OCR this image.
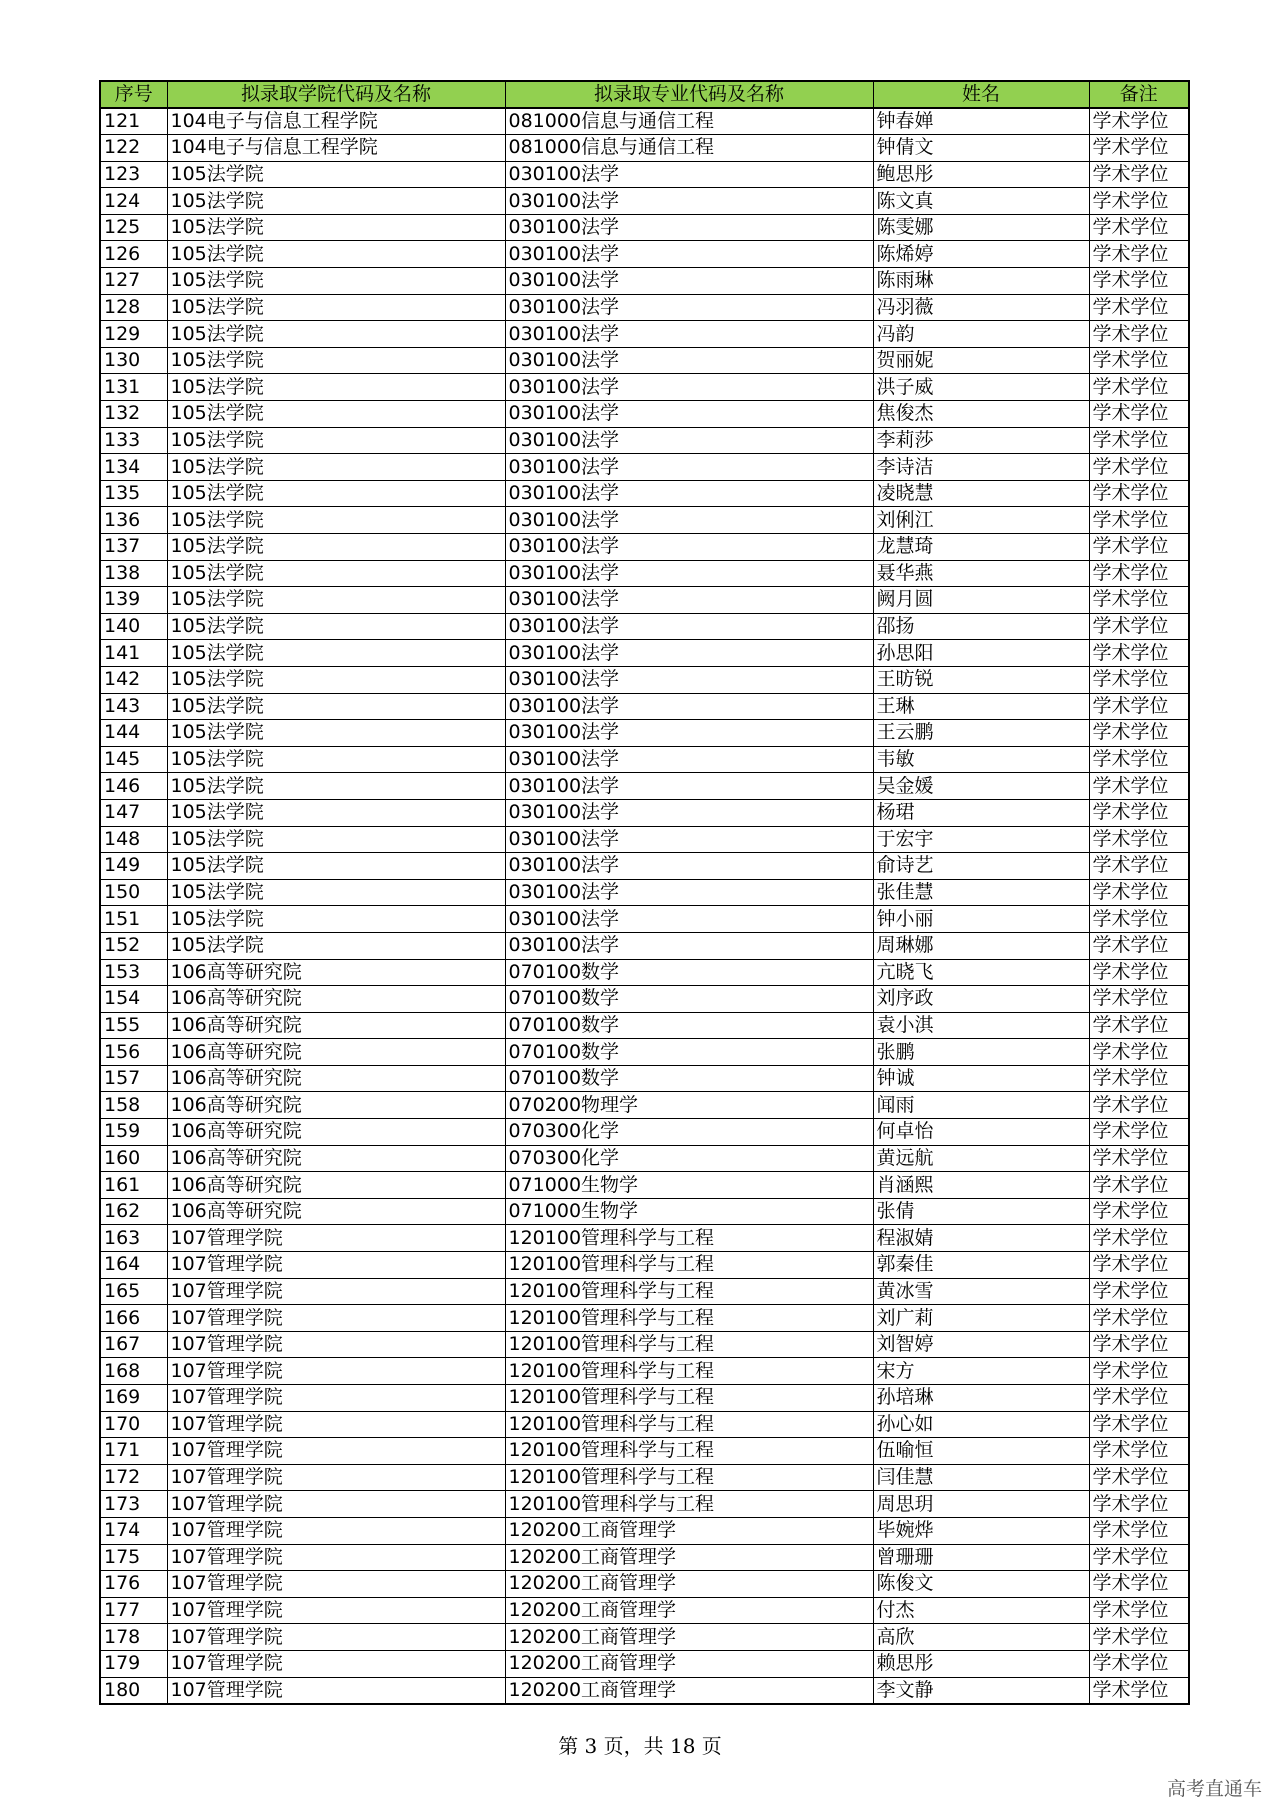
序号	拟录取学院代码及名称	拟录取专业代码及名称	姓名	备注
121	104电子与信息工程学院	081000信息与通信工程	钟春婵	学术学位
122	104电子与信息工程学院	081000信息与通信工程	钟倩文	学术学位
123	105法学院	030100法学	鲍思彤	学术学位
124	105法学院	030100法学	陈文真	学术学位
125	105法学院	030100法学	陈雯娜	学术学位
126	105法学院	030100法学	陈烯婷	学术学位
127	105法学院	030100法学	陈雨琳	学术学位
128	105法学院	030100法学	冯羽薇	学术学位
129	105法学院	030100法学	冯韵	学术学位
130	105法学院	030100法学	贺丽妮	学术学位
131	105法学院	030100法学	洪子威	学术学位
132	105法学院	030100法学	焦俊杰	学术学位
133	105法学院	030100法学	李莉莎	学术学位
134	105法学院	030100法学	李诗洁	学术学位
135	105法学院	030100法学	凌晓慧	学术学位
136	105法学院	030100法学	刘俐江	学术学位
137	105法学院	030100法学	龙慧琦	学术学位
138	105法学院	030100法学	聂华燕	学术学位
139	105法学院	030100法学	阙月圆	学术学位
140	105法学院	030100法学	邵扬	学术学位
141	105法学院	030100法学	孙思阳	学术学位
142	105法学院	030100法学	王昉锐	学术学位
143	105法学院	030100法学	王琳	学术学位
144	105法学院	030100法学	王云鹏	学术学位
145	105法学院	030100法学	韦敏	学术学位
146	105法学院	030100法学	吴金媛	学术学位
147	105法学院	030100法学	杨珺	学术学位
148	105法学院	030100法学	于宏宇	学术学位
149	105法学院	030100法学	俞诗艺	学术学位
150	105法学院	030100法学	张佳慧	学术学位
151	105法学院	030100法学	钟小丽	学术学位
152	105法学院	030100法学	周琳娜	学术学位
153	106高等研究院	070100数学	亢晓飞	学术学位
154	106高等研究院	070100数学	刘序政	学术学位
155	106高等研究院	070100数学	袁小淇	学术学位
156	106高等研究院	070100数学	张鹏	学术学位
157	106高等研究院	070100数学	钟诚	学术学位
158	106高等研究院	070200物理学	闻雨	学术学位
159	106高等研究院	070300化学	何卓怡	学术学位
160	106高等研究院	070300化学	黄远航	学术学位
161	106高等研究院	071000生物学	肖涵熙	学术学位
162	106高等研究院	071000生物学	张倩	学术学位
163	107管理学院	120100管理科学与工程	程淑婧	学术学位
164	107管理学院	120100管理科学与工程	郭秦佳	学术学位
165	107管理学院	120100管理科学与工程	黄冰雪	学术学位
166	107管理学院	120100管理科学与工程	刘广莉	学术学位
167	107管理学院	120100管理科学与工程	刘智婷	学术学位
168	107管理学院	120100管理科学与工程	宋方	学术学位
169	107管理学院	120100管理科学与工程	孙培琳	学术学位
170	107管理学院	120100管理科学与工程	孙心如	学术学位
171	107管理学院	120100管理科学与工程	伍喻恒	学术学位
172	107管理学院	120100管理科学与工程	闫佳慧	学术学位
173	107管理学院	120100管理科学与工程	周思玥	学术学位
174	107管理学院	120200工商管理学	毕婉烨	学术学位
175	107管理学院	120200工商管理学	曾珊珊	学术学位
176	107管理学院	120200工商管理学	陈俊文	学术学位
177	107管理学院	120200工商管理学	付杰	学术学位
178	107管理学院	120200工商管理学	高欣	学术学位
179	107管理学院	120200工商管理学	赖思彤	学术学位
180	107管理学院	120200工商管理学	李文静	学术学位
第 3 页，共 18 页
高考直通车
